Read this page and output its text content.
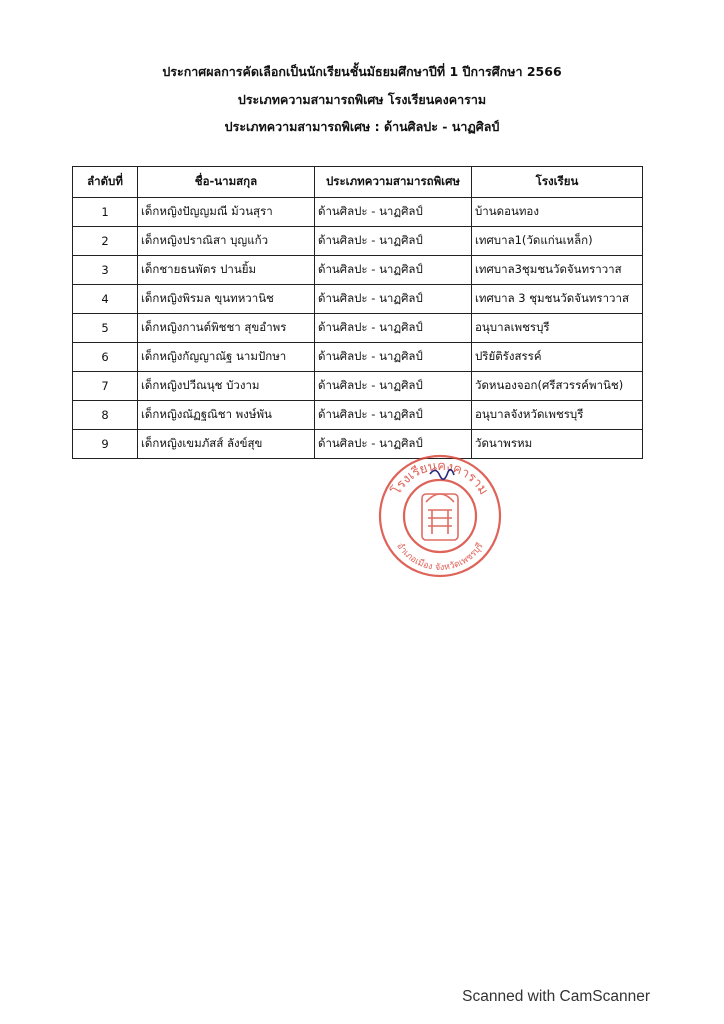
ประกาศผลการคัดเลือกเป็นนักเรียนชั้นมัธยมศึกษาปีที่ 1 ปีการศึกษา 2566
ประเภทความสามารถพิเศษ โรงเรียนคงคาราม
ประเภทความสามารถพิเศษ : ด้านศิลปะ - นาฏศิลป์
ลำดับที่	ชื่อ-นามสกุล	ประเภทความสามารถพิเศษ	โรงเรียน
1	เด็กหญิงปัญญมณี ม้วนสุรา	ด้านศิลปะ - นาฏศิลป์	บ้านดอนทอง
2	เด็กหญิงปราณิสา บุญแก้ว	ด้านศิลปะ - นาฏศิลป์	เทศบาล1(วัดแก่นเหล็ก)
3	เด็กชายธนพัตร ปานยิ้ม	ด้านศิลปะ - นาฏศิลป์	เทศบาล3ชุมชนวัดจันทราวาส
4	เด็กหญิงพิรมล ขุนทหวานิช	ด้านศิลปะ - นาฏศิลป์	เทศบาล 3 ชุมชนวัดจันทราวาส
5	เด็กหญิงกานต์พิชชา สุขอำพร	ด้านศิลปะ - นาฏศิลป์	อนุบาลเพชรบุรี
6	เด็กหญิงกัญญาณัฐ นามปักษา	ด้านศิลปะ - นาฏศิลป์	ปริยัติรังสรรค์
7	เด็กหญิงปวีณนุช บัวงาม	ด้านศิลปะ - นาฏศิลป์	วัดหนองจอก(ศรีสวรรค์พานิช)
8	เด็กหญิงณัฏฐณิชา พงษ์พัน	ด้านศิลปะ - นาฏศิลป์	อนุบาลจังหวัดเพชรบุรี
9	เด็กหญิงเขมภัสส์ ลังข์สุข	ด้านศิลปะ - นาฏศิลป์	วัดนาพรหม
โรงเรียนคงคาราม
อำเภอเมือง จังหวัดเพชรบุรี
Scanned with CamScanner
